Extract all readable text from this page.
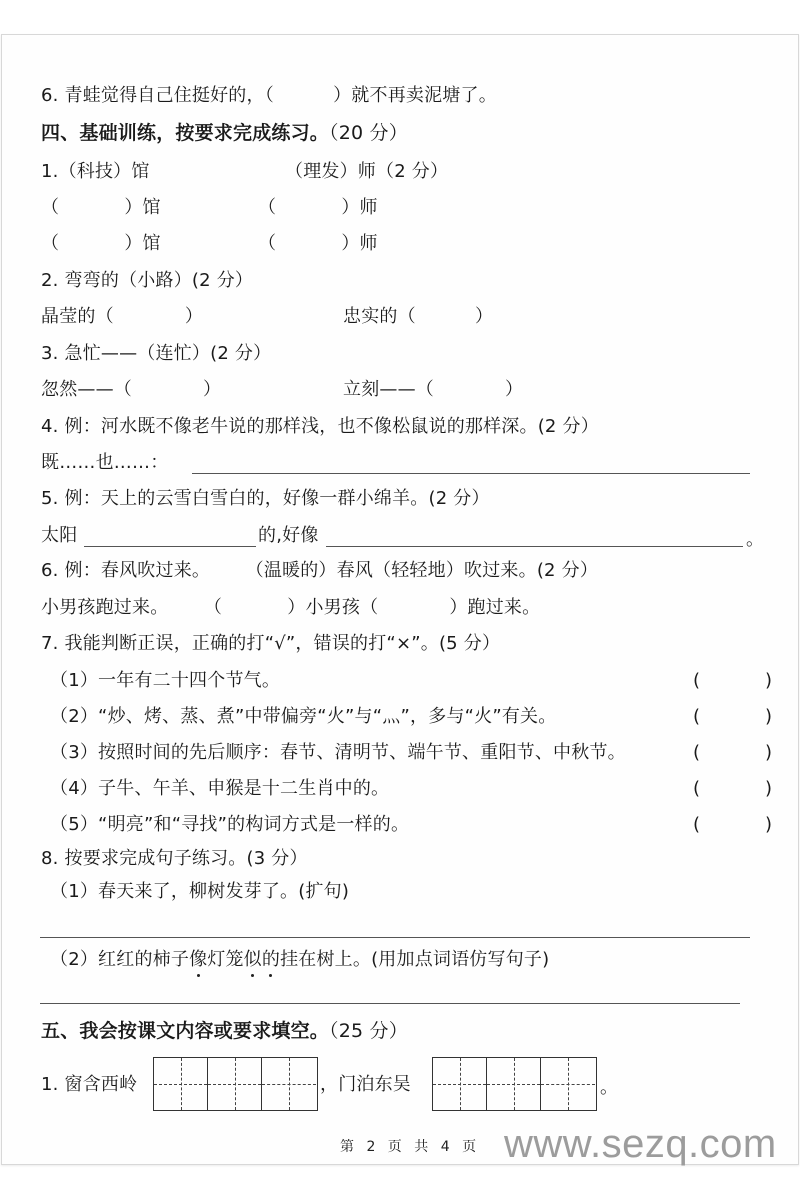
6. 青蛙觉得自己住挺好的，（          ）就不再卖泥塘了。
四、基础训练，按要求完成练习。（20 分）
1.（科技）馆	（理发）师（2 分）
（           ）馆	（           ）师
（           ）馆	（           ）师
2. 弯弯的（小路）(2 分）
晶莹的（            ）	忠实的（          ）
3. 急忙——（连忙）(2 分）
忽然——（            ）	立刻——（            ）
4. 例：河水既不像老牛说的那样浅，也不像松鼠说的那样深。(2 分）
既……也……：
5. 例：天上的云雪白雪白的，好像一群小绵羊。(2 分）
太阳	的,好像	。
6. 例：春风吹过来。      （温暖的）春风（轻轻地）吹过来。(2 分）
小男孩跑过来。      （           ）小男孩（            ）跑过来。
7. 我能判断正误，正确的打“√”，错误的打“×”。(5 分）
（1）一年有二十四个节气。	(	)
（2）“炒、烤、蒸、煮”中带偏旁“火”与“灬”，多与“火”有关。	(	)
（3）按照时间的先后顺序：春节、清明节、端午节、重阳节、中秋节。	(	)
（4）子牛、午羊、申猴是十二生肖中的。	(	)
（5）“明亮”和“寻找”的构词方式是一样的。	(	)
8. 按要求完成句子练习。(3 分）
（1）春天来了，柳树发芽了。(扩句)
（2）红红的柿子像灯笼似的挂在树上。(用加点词语仿写句子)
五、我会按课文内容或要求填空。（25 分）
1. 窗含西岭	，门泊东吴	。
第 2 页 共 4 页 www.sezq.com
